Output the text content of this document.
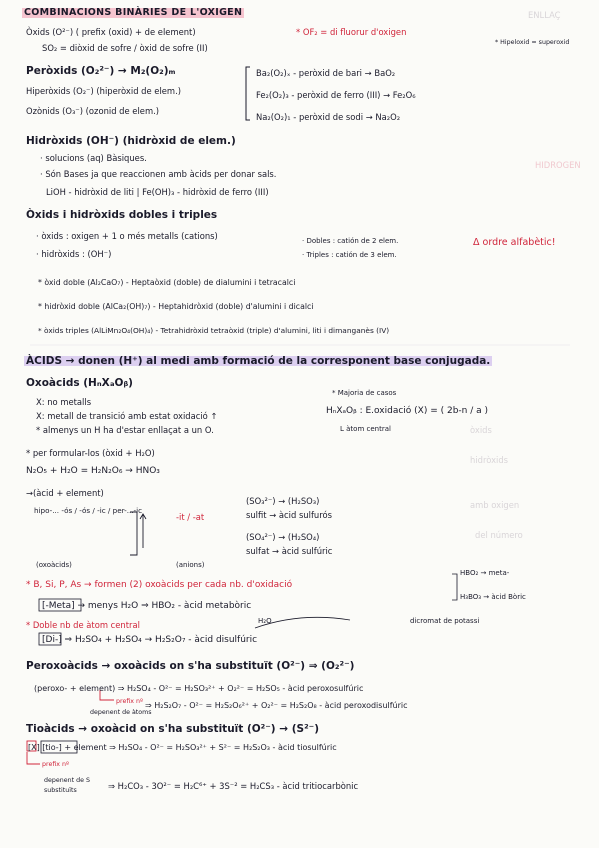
ENLLAÇ
HIDROGEN
òxids
hidròxids
amb oxigen
del número
COMBINACIONS BINÀRIES DE L'OXIGEN
Òxids (O²⁻) ( prefix (oxid) + de element)
SO₂ = diòxid de sofre / òxid de sofre (II)
* OF₂ = di fluorur d'oxigen
* Hipeloxid = superoxid
Peròxids (O₂²⁻) → M₂(O₂)ₘ
Hiperòxids (O₂⁻) (hiperòxid de elem.)
Ozònids (O₃⁻) (ozonid de elem.)
Ba₂(O₂)ₓ - peròxid de bari → BaO₂
Fe₂(O₂)₃ - peròxid de ferro (III) → Fe₂O₆
Na₂(O₂)₁ - peròxid de sodi → Na₂O₂
Hidròxids (OH⁻) (hidròxid de elem.)
· solucions (aq) Bàsiques.
· Són Bases ja que reaccionen amb àcids per donar sals.
LiOH - hidròxid de liti | Fe(OH)₃ - hidròxid de ferro (III)
Òxids i hidròxids dobles i triples
· òxids : oxigen + 1 o més metalls (cations)
· hidròxids : (OH⁻)
· Dobles : catión de 2 elem.
· Triples : catión de 3 elem.
Δ ordre alfabètic!
* òxid doble (Al₂CaO₇) - Heptaòxid (doble) de dialumini i tetracalci
* hidròxid doble (AlCa₂(OH)₇) - Heptahidròxid (doble) d'alumini i dicalci
* òxids triples (AlLiMn₂O₄(OH)₄) - Tetrahidròxid tetraòxid (triple) d'alumini, liti i dimanganès (IV)
ÀCIDS → donen (H⁺) al medi amb formació de la corresponent base conjugada.
Oxoàcids (HₙXₐOᵦ)
* Majoria de casos
X: no metalls
X: metall de transició amb estat oxidació ↑
* almenys un H ha d'estar enllaçat a un O.
HₙXₐOᵦ : E.oxidació (X) = ( 2b-n / a )
L àtom central
* per formular-los (òxid + H₂O)
N₂O₅ + H₂O = H₂N₂O₆ → HNO₃
→(àcid + element)
hipo-... -ós / -ós / -ic / per-...-ic
(oxoàcids)
-it / -at
(anions)
(SO₃²⁻) → (H₂SO₃)
sulfit → àcid sulfurós
(SO₄²⁻) → (H₂SO₄)
sulfat → àcid sulfúric
* B, Si, P, As → formen (2) oxoàcids per cada nb. d'oxidació
HBO₂ → meta-
H₃BO₃ → àcid Bòric
[-Meta] → menys H₂O ⇒ HBO₂ - àcid metabòric
* Doble nb de àtom central
[Di-] ⇒ H₂SO₄ + H₂SO₄ → H₂S₂O₇ - àcid disulfúric
H₂O	dicromat de potassi
Peroxoàcids → oxoàcids on s'ha substituït (O²⁻) ⇒ (O₂²⁻)
(peroxo- + element) ⇒ H₂SO₄ - O²⁻ = H₂SO₃²⁺ + O₂²⁻ = H₂SO₅ - àcid peroxosulfúric
prefix nº
depenent de àtoms
⇒ H₂S₂O₇ - O²⁻ = H₂S₂O₆²⁺ + O₂²⁻ = H₂S₂O₈ - àcid peroxodisulfúric
Tioàcids → oxoàcid on s'ha substituït (O²⁻) → (S²⁻)
[X] [tio-] + element ⇒ H₂SO₄ - O²⁻ = H₂SO₃²⁺ + S²⁻ = H₂S₂O₃ - àcid tiosulfúric
prefix nº
depenent de S
substituïts	⇒ H₂CO₃ - 3O²⁻ = H₂C⁶⁺ + 3S⁻² = H₂CS₃ - àcid tritiocarbònic
